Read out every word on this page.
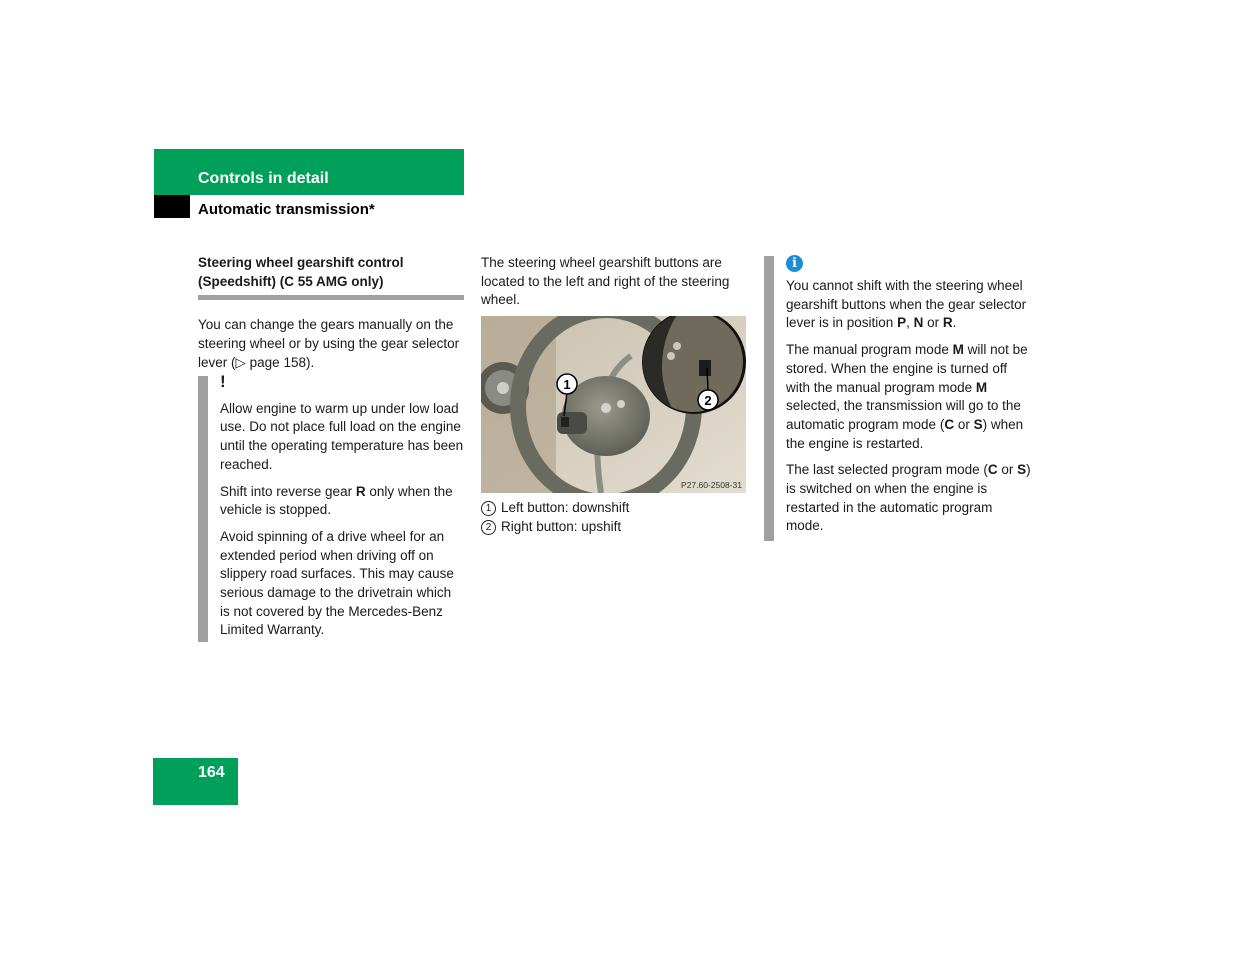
Controls in detail
Automatic transmission*
Steering wheel gearshift control
(Speedshift) (C 55 AMG only)

You can change the gears manually on the steering wheel or by using the gear selector lever (▷ page 158).

!

Allow engine to warm up under low load use. Do not place full load on the engine until the operating temperature has been reached.

Shift into reverse gear R only when the vehicle is stopped.

Avoid spinning of a drive wheel for an extended period when driving off on slippery road surfaces. This may cause serious damage to the drivetrain which is not covered by the Mercedes-Benz Limited Warranty.

The steering wheel gearshift buttons are located to the left and right of the steering wheel.

1
2
P27.60-2508-31
1 Left button: downshift
2 Right button: upshift
i

You cannot shift with the steering wheel gearshift buttons when the gear selector lever is in position P, N or R.

The manual program mode M will not be stored. When the engine is turned off with the manual program mode M selected, the transmission will go to the automatic program mode (C or S) when the engine is restarted.

The last selected program mode (C or S) is switched on when the engine is restarted in the automatic program mode.

164
